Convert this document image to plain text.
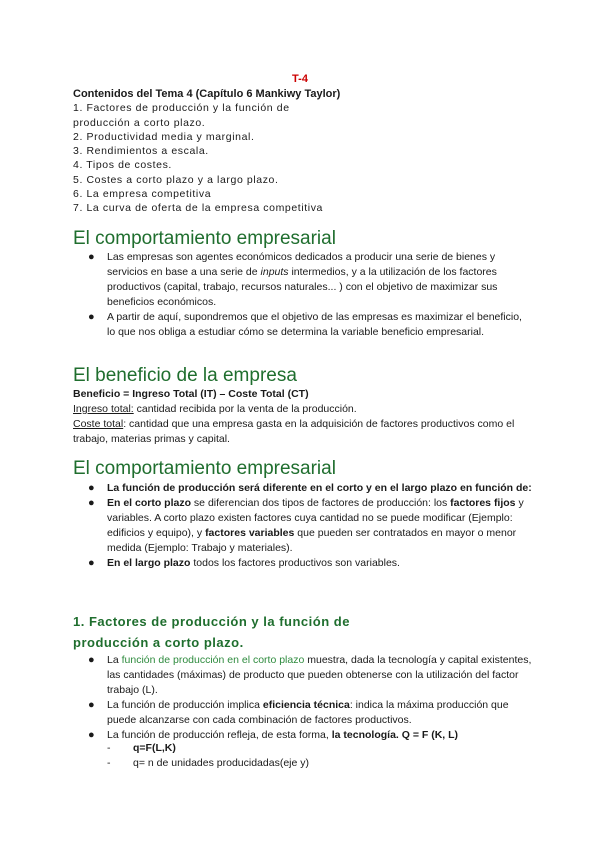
T-4
Contenidos del Tema 4 (Capítulo 6 Mankiwy Taylor)
1. Factores de producción y la función de
producción a corto plazo.
2. Productividad media y marginal.
3. Rendimientos a escala.
4. Tipos de costes.
5. Costes a corto plazo y a largo plazo.
6. La empresa competitiva
7. La curva de oferta de la empresa competitiva
El comportamiento empresarial
● Las empresas son agentes económicos dedicados a producir una serie de bienes y servicios en base a una serie de inputs intermedios, y a la utilización de los factores productivos (capital, trabajo, recursos naturales... ) con el objetivo de maximizar sus beneficios económicos.
● A partir de aquí, supondremos que el objetivo de las empresas es maximizar el beneficio, lo que nos obliga a estudiar cómo se determina la variable beneficio empresarial.
El beneficio de la empresa
Beneficio = Ingreso Total (IT) – Coste Total (CT)
Ingreso total: cantidad recibida por la venta de la producción.
Coste total: cantidad que una empresa gasta en la adquisición de factores productivos como el trabajo, materias primas y capital.
El comportamiento empresarial
● La función de producción será diferente en el corto y en el largo plazo en función de:
● En el corto plazo se diferencian dos tipos de factores de producción: los factores fijos y variables. A corto plazo existen factores cuya cantidad no se puede modificar (Ejemplo: edificios y equipo), y factores variables que pueden ser contratados en mayor o menor medida (Ejemplo: Trabajo y materiales).
● En el largo plazo todos los factores productivos son variables.
1. Factores de producción y la función de
producción a corto plazo.
● La función de producción en el corto plazo muestra, dada la tecnología y capital existentes, las cantidades (máximas) de producto que pueden obtenerse con la utilización del factor trabajo (L).
● La función de producción implica eficiencia técnica: indica la máxima producción que puede alcanzarse con cada combinación de factores productivos.
● La función de producción refleja, de esta forma, la tecnología. Q = F (K, L)
- q=F(L,K)
- q= n de unidades producidadas(eje y)
